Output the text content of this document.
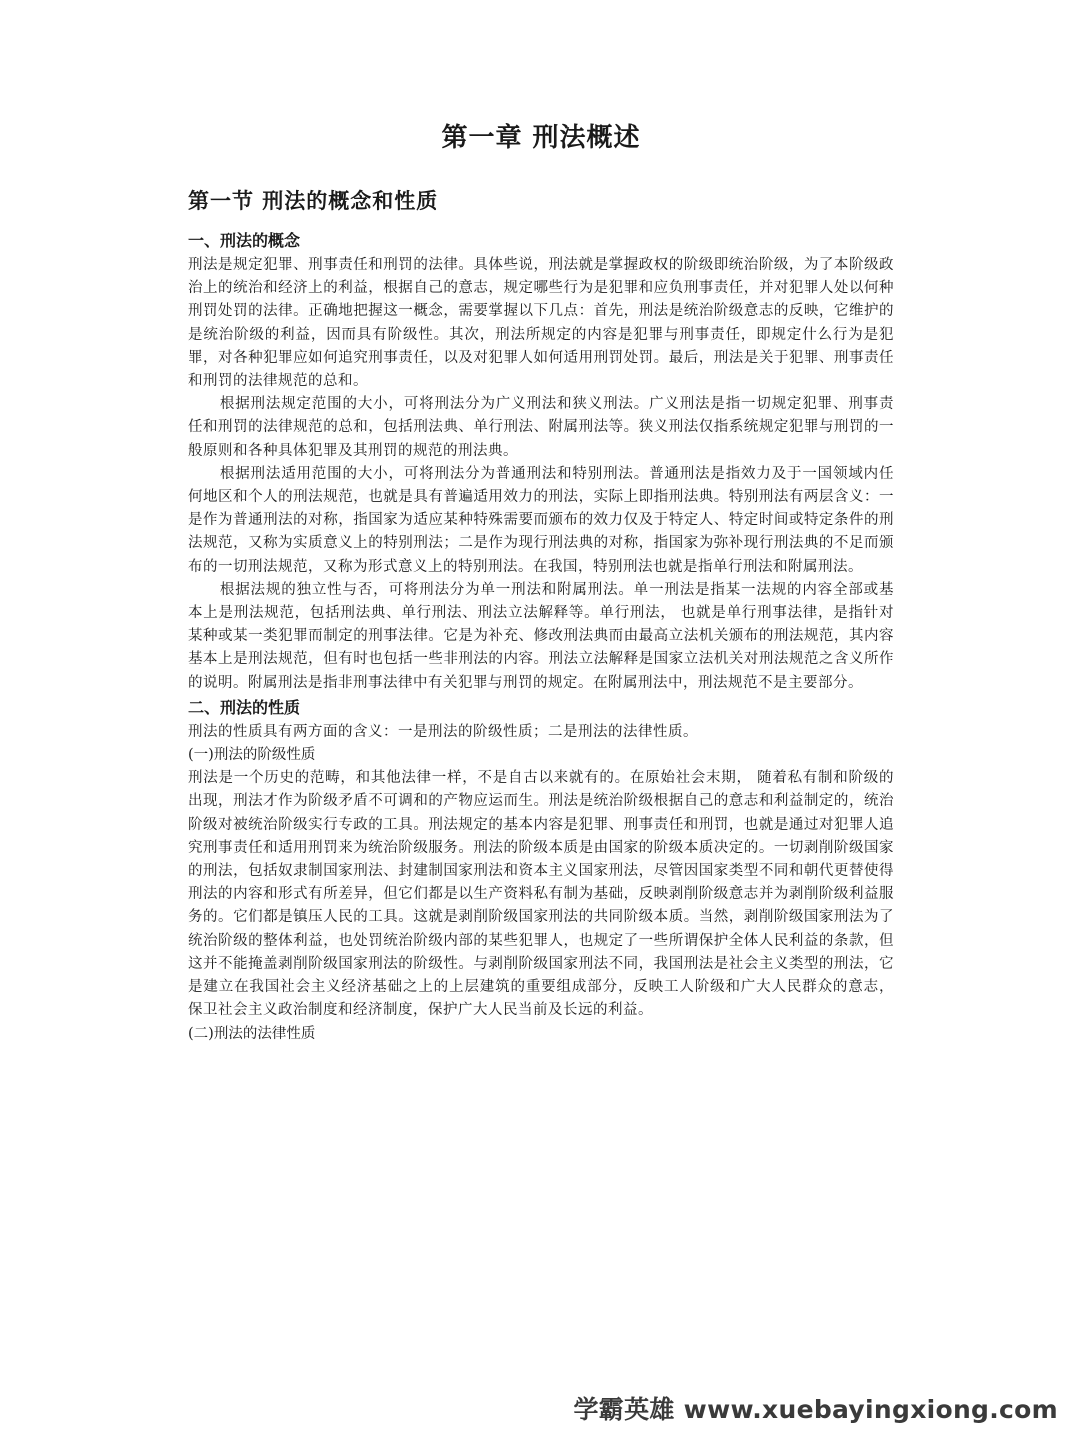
第一章 刑法概述
第一节 刑法的概念和性质
一、刑法的概念

刑法是规定犯罪、刑事责任和刑罚的法律。具体些说，刑法就是掌握政权的阶级即统治阶级，为了本阶级政治上的统治和经济上的利益，根据自己的意志，规定哪些行为是犯罪和应负刑事责任，并对犯罪人处以何种刑罚处罚的法律。正确地把握这一概念，需要掌握以下几点：首先，刑法是统治阶级意志的反映，它维护的是统治阶级的利益，因而具有阶级性。其次，刑法所规定的内容是犯罪与刑事责任，即规定什么行为是犯罪，对各种犯罪应如何追究刑事责任，以及对犯罪人如何适用刑罚处罚。最后，刑法是关于犯罪、刑事责任和刑罚的法律规范的总和。

根据刑法规定范围的大小，可将刑法分为广义刑法和狭义刑法。广义刑法是指一切规定犯罪、刑事责任和刑罚的法律规范的总和，包括刑法典、单行刑法、附属刑法等。狭义刑法仅指系统规定犯罪与刑罚的一般原则和各种具体犯罪及其刑罚的规范的刑法典。

根据刑法适用范围的大小，可将刑法分为普通刑法和特别刑法。普通刑法是指效力及于一国领域内任何地区和个人的刑法规范，也就是具有普遍适用效力的刑法，实际上即指刑法典。特别刑法有两层含义：一是作为普通刑法的对称，指国家为适应某种特殊需要而颁布的效力仅及于特定人、特定时间或特定条件的刑法规范，又称为实质意义上的特别刑法；二是作为现行刑法典的对称，指国家为弥补现行刑法典的不足而颁布的一切刑法规范，又称为形式意义上的特别刑法。在我国，特别刑法也就是指单行刑法和附属刑法。

根据法规的独立性与否，可将刑法分为单一刑法和附属刑法。单一刑法是指某一法规的内容全部或基本上是刑法规范，包括刑法典、单行刑法、刑法立法解释等。单行刑法， 也就是单行刑事法律，是指针对某种或某一类犯罪而制定的刑事法律。它是为补充、修改刑法典而由最高立法机关颁布的刑法规范，其内容基本上是刑法规范，但有时也包括一些非刑法的内容。刑法立法解释是国家立法机关对刑法规范之含义所作的说明。附属刑法是指非刑事法律中有关犯罪与刑罚的规定。在附属刑法中，刑法规范不是主要部分。

二、刑法的性质

刑法的性质具有两方面的含义：一是刑法的阶级性质；二是刑法的法律性质。

(一)刑法的阶级性质

刑法是一个历史的范畴，和其他法律一样，不是自古以来就有的。在原始社会末期， 随着私有制和阶级的出现，刑法才作为阶级矛盾不可调和的产物应运而生。刑法是统治阶级根据自己的意志和利益制定的，统治阶级对被统治阶级实行专政的工具。刑法规定的基本内容是犯罪、刑事责任和刑罚，也就是通过对犯罪人追究刑事责任和适用刑罚来为统治阶级服务。刑法的阶级本质是由国家的阶级本质决定的。一切剥削阶级国家的刑法，包括奴隶制国家刑法、封建制国家刑法和资本主义国家刑法，尽管因国家类型不同和朝代更替使得刑法的内容和形式有所差异，但它们都是以生产资料私有制为基础，反映剥削阶级意志并为剥削阶级利益服务的。它们都是镇压人民的工具。这就是剥削阶级国家刑法的共同阶级本质。当然，剥削阶级国家刑法为了统治阶级的整体利益，也处罚统治阶级内部的某些犯罪人，也规定了一些所谓保护全体人民利益的条款，但这并不能掩盖剥削阶级国家刑法的阶级性。与剥削阶级国家刑法不同，我国刑法是社会主义类型的刑法，它是建立在我国社会主义经济基础之上的上层建筑的重要组成部分，反映工人阶级和广大人民群众的意志， 保卫社会主义政治制度和经济制度，保护广大人民当前及长远的利益。

(二)刑法的法律性质

学霸英雄 www.xuebayingxiong.com
